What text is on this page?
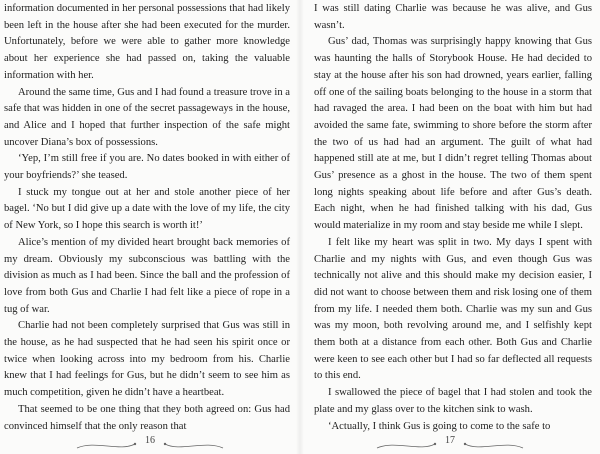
information documented in her personal possessions that had likely been left in the house after she had been executed for the murder. Unfortunately, before we were able to gather more knowledge about her experience she had passed on, taking the valuable information with her.

Around the same time, Gus and I had found a treasure trove in a safe that was hidden in one of the secret passageways in the house, and Alice and I hoped that further inspection of the safe might uncover Diana’s box of possessions.

‘Yep, I’m still free if you are. No dates booked in with either of your boyfriends?’ she teased.

I stuck my tongue out at her and stole another piece of her bagel. ‘No but I did give up a date with the love of my life, the city of New York, so I hope this search is worth it!’

Alice’s mention of my divided heart brought back memories of my dream. Obviously my subconscious was battling with the division as much as I had been. Since the ball and the profession of love from both Gus and Charlie I had felt like a piece of rope in a tug of war.

Charlie had not been completely surprised that Gus was still in the house, as he had suspected that he had seen his spirit once or twice when looking across into my bedroom from his. Charlie knew that I had feelings for Gus, but he didn’t seem to see him as much competition, given he didn’t have a heartbeat.

That seemed to be one thing that they both agreed on: Gus had convinced himself that the only reason that

16

I was still dating Charlie was because he was alive, and Gus wasn’t.

Gus’ dad, Thomas was surprisingly happy knowing that Gus was haunting the halls of Storybook House. He had decided to stay at the house after his son had drowned, years earlier, falling off one of the sailing boats belonging to the house in a storm that had ravaged the area. I had been on the boat with him but had avoided the same fate, swimming to shore before the storm after the two of us had had an argument. The guilt of what had happened still ate at me, but I didn’t regret telling Thomas about Gus’ presence as a ghost in the house. The two of them spent long nights speaking about life before and after Gus’s death. Each night, when he had finished talking with his dad, Gus would materialize in my room and stay beside me while I slept.

I felt like my heart was split in two. My days I spent with Charlie and my nights with Gus, and even though Gus was technically not alive and this should make my decision easier, I did not want to choose between them and risk losing one of them from my life. I needed them both. Charlie was my sun and Gus was my moon, both revolving around me, and I selfishly kept them both at a distance from each other. Both Gus and Charlie were keen to see each other but I had so far deflected all requests to this end.

I swallowed the piece of bagel that I had stolen and took the plate and my glass over to the kitchen sink to wash.

‘Actually, I think Gus is going to come to the safe to

17
